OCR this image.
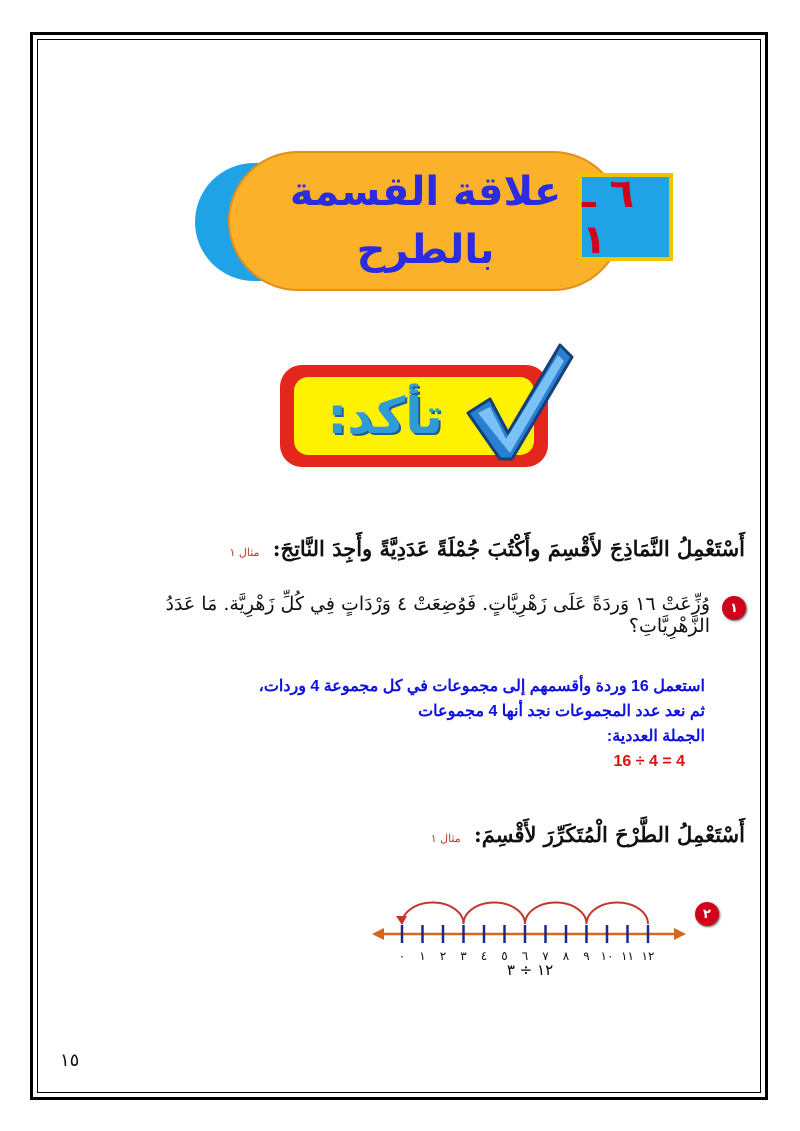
علاقة القسمة
بالطرح
٦ ـ ١
تأكد:
أَسْتَعْمِلُ النَّمَاذِجَ لأَقْسِمَ وأَكْتُبَ جُمْلَةً عَدَدِيَّةً وأَجِدَ النَّاتِجَ: مثال ١
١
وُزِّعَتْ ١٦ وَردَةً عَلَى زَهْرِيَّاتٍ. فَوُضِعَتْ ٤ وَرْدَاتٍ فِي كُلِّ زَهْرِيَّة. مَا عَدَدُ الزَّهْرِيَّاتِ؟
استعمل 16 وردة وأقسمهم إلى مجموعات في كل مجموعة 4 وردات،
ثم نعد عدد المجموعات نجد أنها 4 مجموعات
الجملة العددية:
16 ÷ 4 = 4
أَسْتَعْمِلُ الطَّرْحَ الْمُتَكَرِّرَ لأَقْسِمَ: مثال ١
٢
٠ ١ ٢ ٣ ٤ ٥ ٦ ٧ ٨ ٩ ١٠ ١١ ١٢
١٢ ÷ ٣
١٥
